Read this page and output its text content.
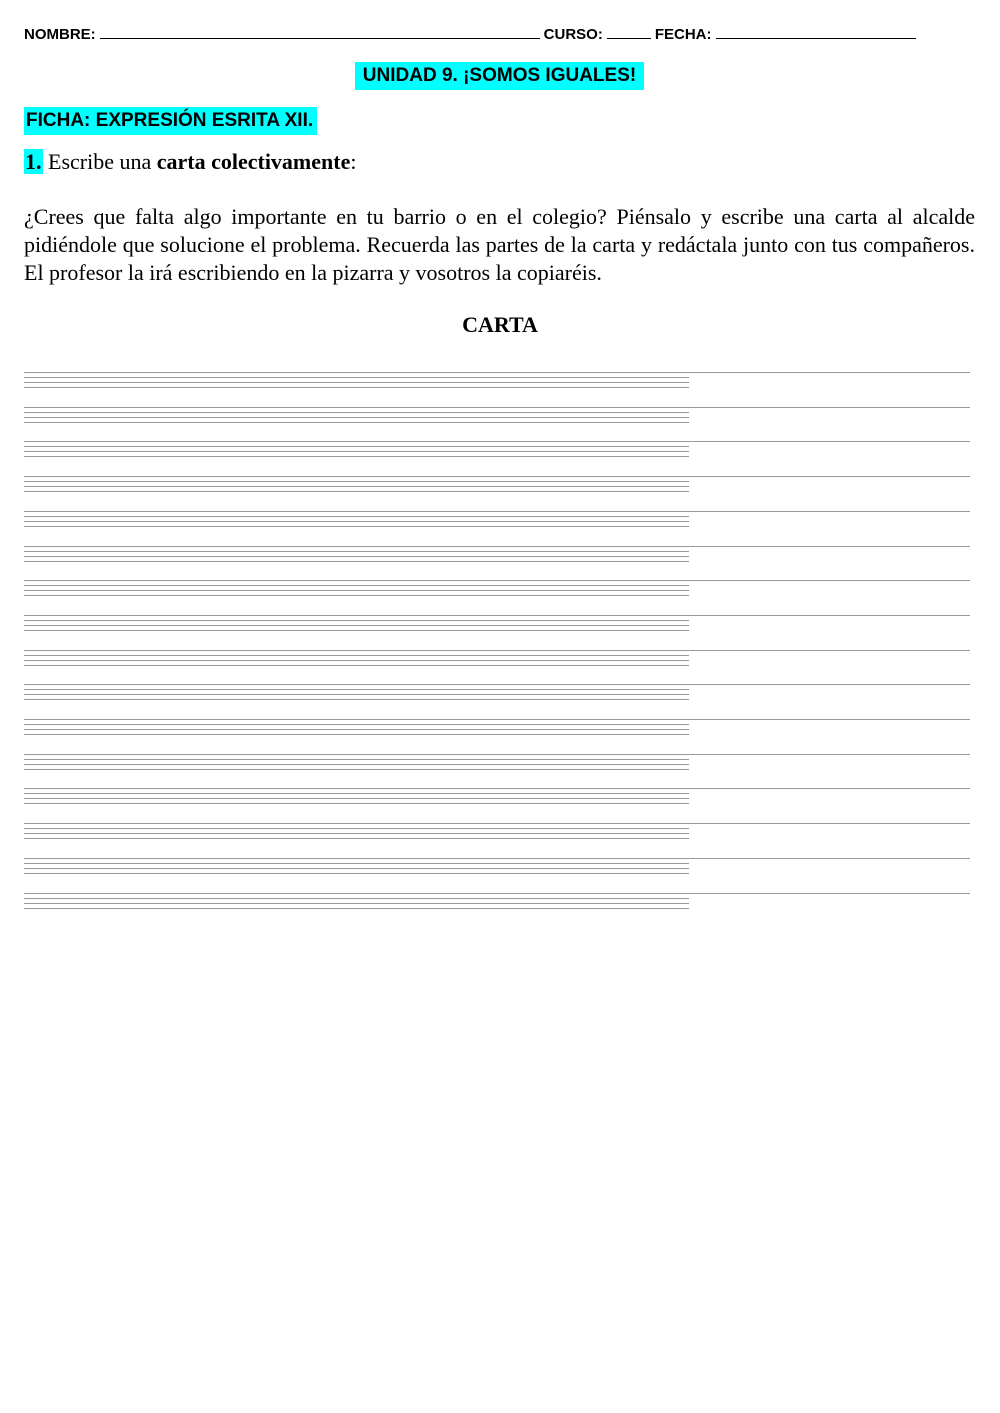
NOMBRE:	CURSO:	FECHA:
UNIDAD 9. ¡SOMOS IGUALES!
FICHA: EXPRESIÓN ESRITA XII.
1. Escribe una carta colectivamente:
¿Crees que falta algo importante en tu barrio o en el colegio? Piénsalo y escribe una carta al alcalde pidiéndole que solucione el problema. Recuerda las partes de la carta y redáctala junto con tus compañeros. El profesor la irá escribiendo en la pizarra y vosotros la copiaréis.
CARTA
